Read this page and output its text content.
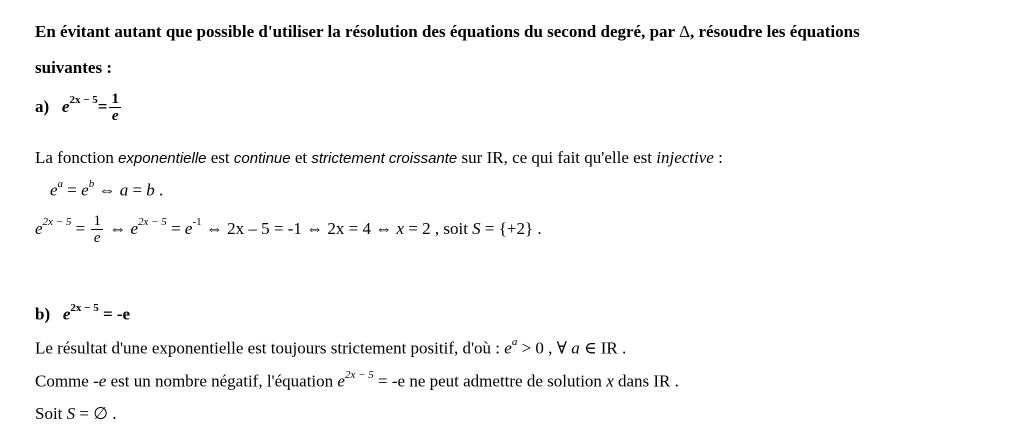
En évitant autant que possible d'utiliser la résolution des équations du second degré, par Δ, résoudre les équations
suivantes :
a) $e^{2x - 5}= \frac{1}{e}$
La fonction exponentielle est continue et strictement croissante sur IR, ce qui fait qu'elle est injective :
$e^a = e^b$ ⇔ a = b .
$e^{2x - 5} = \frac{1}{e}$ ⇔ $e^{2x - 5} = e^{-1}$ ⇔ 2x – 5 = -1 ⇔ 2x = 4 ⇔ x = 2 , soit S = {+2} .
b) $e^{2x - 5} = -e$
Le résultat d'une exponentielle est toujours strictement positif, d'où : $e^a > 0$ , ∀ a ∈ IR .
Comme -e est un nombre négatif, l'équation $e^{2x - 5} = -e$ ne peut admettre de solution x dans IR .
Soit S = ∅ .
